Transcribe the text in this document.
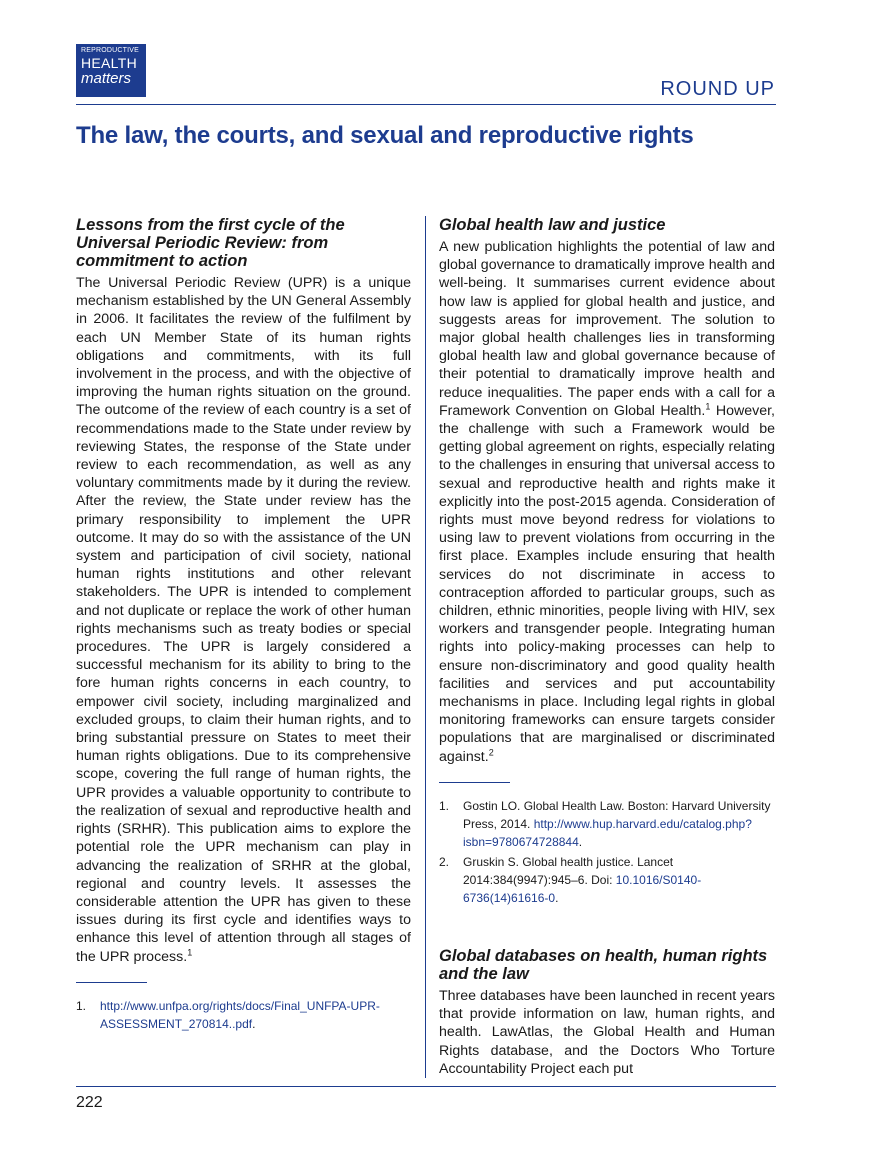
REPRODUCTIVE
HEALTH
matters	ROUND UP
The law, the courts, and sexual and reproductive rights
Lessons from the first cycle of the Universal Periodic Review: from commitment to action

The Universal Periodic Review (UPR) is a unique mechanism established by the UN General Assembly in 2006. It facilitates the review of the fulfilment by each UN Member State of its human rights obligations and commitments, with its full involvement in the process, and with the objective of improving the human rights situation on the ground. The outcome of the review of each country is a set of recommendations made to the State under review by reviewing States, the response of the State under review to each recommendation, as well as any voluntary commitments made by it during the review. After the review, the State under review has the primary responsibility to implement the UPR outcome. It may do so with the assistance of the UN system and participation of civil society, national human rights institutions and other relevant stakeholders. The UPR is intended to complement and not duplicate or replace the work of other human rights mechanisms such as treaty bodies or special procedures. The UPR is largely considered a successful mechanism for its ability to bring to the fore human rights concerns in each country, to empower civil society, including marginalized and excluded groups, to claim their human rights, and to bring substantial pressure on States to meet their human rights obligations. Due to its comprehensive scope, covering the full range of human rights, the UPR provides a valuable opportunity to contribute to the realization of sexual and reproductive health and rights (SRHR). This publication aims to explore the potential role the UPR mechanism can play in advancing the realization of SRHR at the global, regional and country levels. It assesses the considerable attention the UPR has given to these issues during its first cycle and identifies ways to enhance this level of attention through all stages of the UPR process.$^1$

1.	http://www.unfpa.org/rights/docs/Final_UNFPA-UPR-ASSESSMENT_270814..pdf.
Global health law and justice

A new publication highlights the potential of law and global governance to dramatically improve health and well-being. It summarises current evidence about how law is applied for global health and justice, and suggests areas for improvement. The solution to major global health challenges lies in transforming global health law and global governance because of their potential to dramatically improve health and reduce inequalities. The paper ends with a call for a Framework Convention on Global Health.$^1$ However, the challenge with such a Framework would be getting global agreement on rights, especially relating to the challenges in ensuring that universal access to sexual and reproductive health and rights make it explicitly into the post-2015 agenda. Consideration of rights must move beyond redress for violations to using law to prevent violations from occurring in the first place. Examples include ensuring that health services do not discriminate in access to contraception afforded to particular groups, such as children, ethnic minorities, people living with HIV, sex workers and transgender people. Integrating human rights into policy-making processes can help to ensure non-discriminatory and good quality health facilities and services and put accountability mechanisms in place. Including legal rights in global monitoring frameworks can ensure targets consider populations that are marginalised or discriminated against.$^2$

1.	Gostin LO. Global Health Law. Boston: Harvard University Press, 2014. http://www.hup.harvard.edu/catalog.php?isbn=9780674728844.
2.	Gruskin S. Global health justice. Lancet 2014:384(9947):945–6. Doi: 10.1016/S0140-6736(14)61616-0.
Global databases on health, human rights and the law

Three databases have been launched in recent years that provide information on law, human rights, and health. LawAtlas, the Global Health and Human Rights database, and the Doctors Who Torture Accountability Project each put

222
